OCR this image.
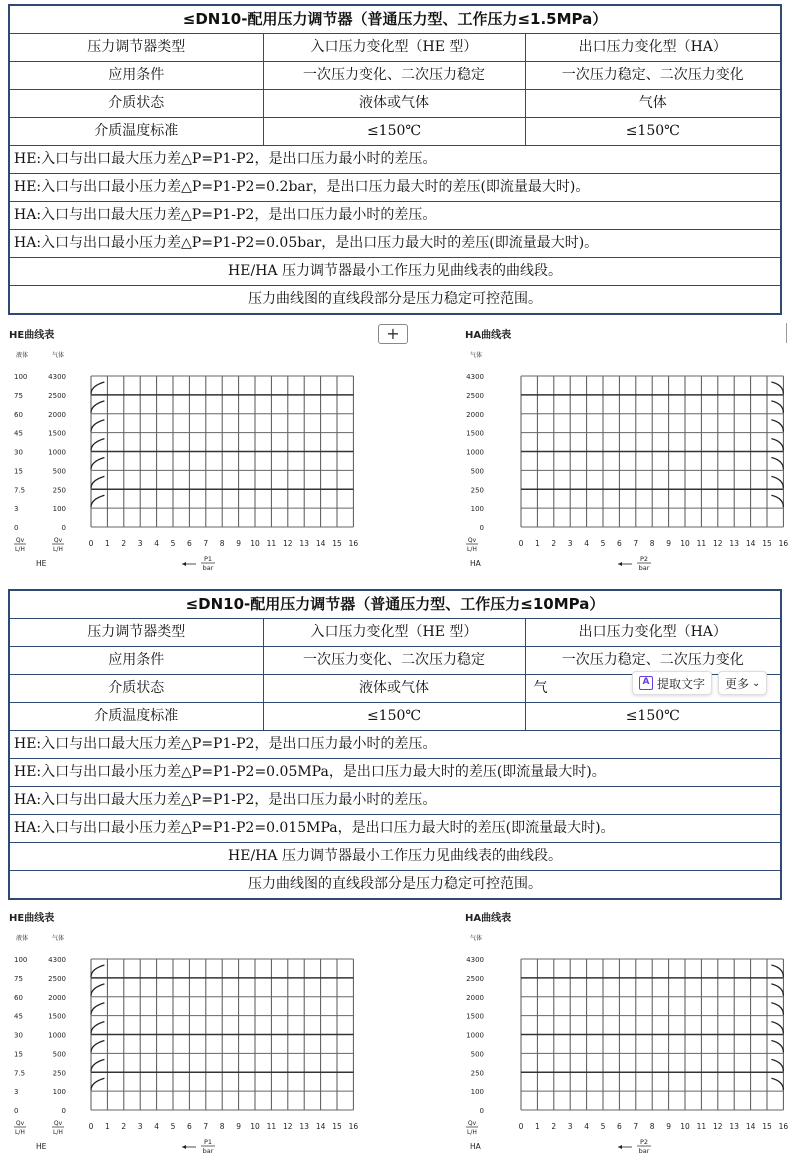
≤DN10-配用压力调节器（普通压力型、工作压力≤1.5MPa）		
压力调节器类型	入口压力变化型（HE 型）	出口压力变化型（HA）
应用条件	一次压力变化、二次压力稳定	一次压力稳定、二次压力变化
介质状态	液体或气体	气体
介质温度标准	≤150℃	≤150℃
HE:入口与出口最大压力差△P=P1-P2，是出口压力最小时的差压。		
HE:入口与出口最小压力差△P=P1-P2=0.2bar，是出口压力最大时的差压(即流量最大时)。		
HA:入口与出口最大压力差△P=P1-P2，是出口压力最小时的差压。		
HA:入口与出口最小压力差△P=P1-P2=0.05bar，是出口压力最大时的差压(即流量最大时)。		
HE/HA 压力调节器最小工作压力见曲线表的曲线段。		
压力曲线图的直线段部分是压力稳定可控范围。		
+
HE曲线表
液体	气体
4300
2500
2000
1500
1000
500
250
100
0
100
75
60
45
30
15
7.5
3
0
0 1 2 3 4 5 6 7 8 9 10 11 12 13 14 15 16
Qv
L/H
Qv
L/H
HE	P1
bar
HA曲线表
气体
4300
2500
2000
1500
1000
500
250
100
0
0 1 2 3 4 5 6 7 8 9 10 11 12 13 14 15 16
Qv
L/H
HA	P2
bar
≤DN10-配用压力调节器（普通压力型、工作压力≤10MPa）		
压力调节器类型	入口压力变化型（HE 型）	出口压力变化型（HA）
应用条件	一次压力变化、二次压力稳定	一次压力稳定、二次压力变化
介质状态	液体或气体	气
介质温度标准	≤150℃	≤150℃
HE:入口与出口最大压力差△P=P1-P2，是出口压力最小时的差压。		
HE:入口与出口最小压力差△P=P1-P2=0.05MPa，是出口压力最大时的差压(即流量最大时)。		
HA:入口与出口最大压力差△P=P1-P2，是出口压力最小时的差压。		
HA:入口与出口最小压力差△P=P1-P2=0.015MPa，是出口压力最大时的差压(即流量最大时)。		
HE/HA 压力调节器最小工作压力见曲线表的曲线段。		
压力曲线图的直线段部分是压力稳定可控范围。		
A 提取文字 更多 ⌄
HE曲线表
液体	气体
4300
2500
2000
1500
1000
500
250
100
0
100
75
60
45
30
15
7.5
3
0
0 1 2 3 4 5 6 7 8 9 10 11 12 13 14 15 16
Qv
L/H
Qv
L/H
HE	P1
bar
HA曲线表
气体
4300
2500
2000
1500
1000
500
250
100
0
0 1 2 3 4 5 6 7 8 9 10 11 12 13 14 15 16
Qv
L/H
HA	P2
bar
